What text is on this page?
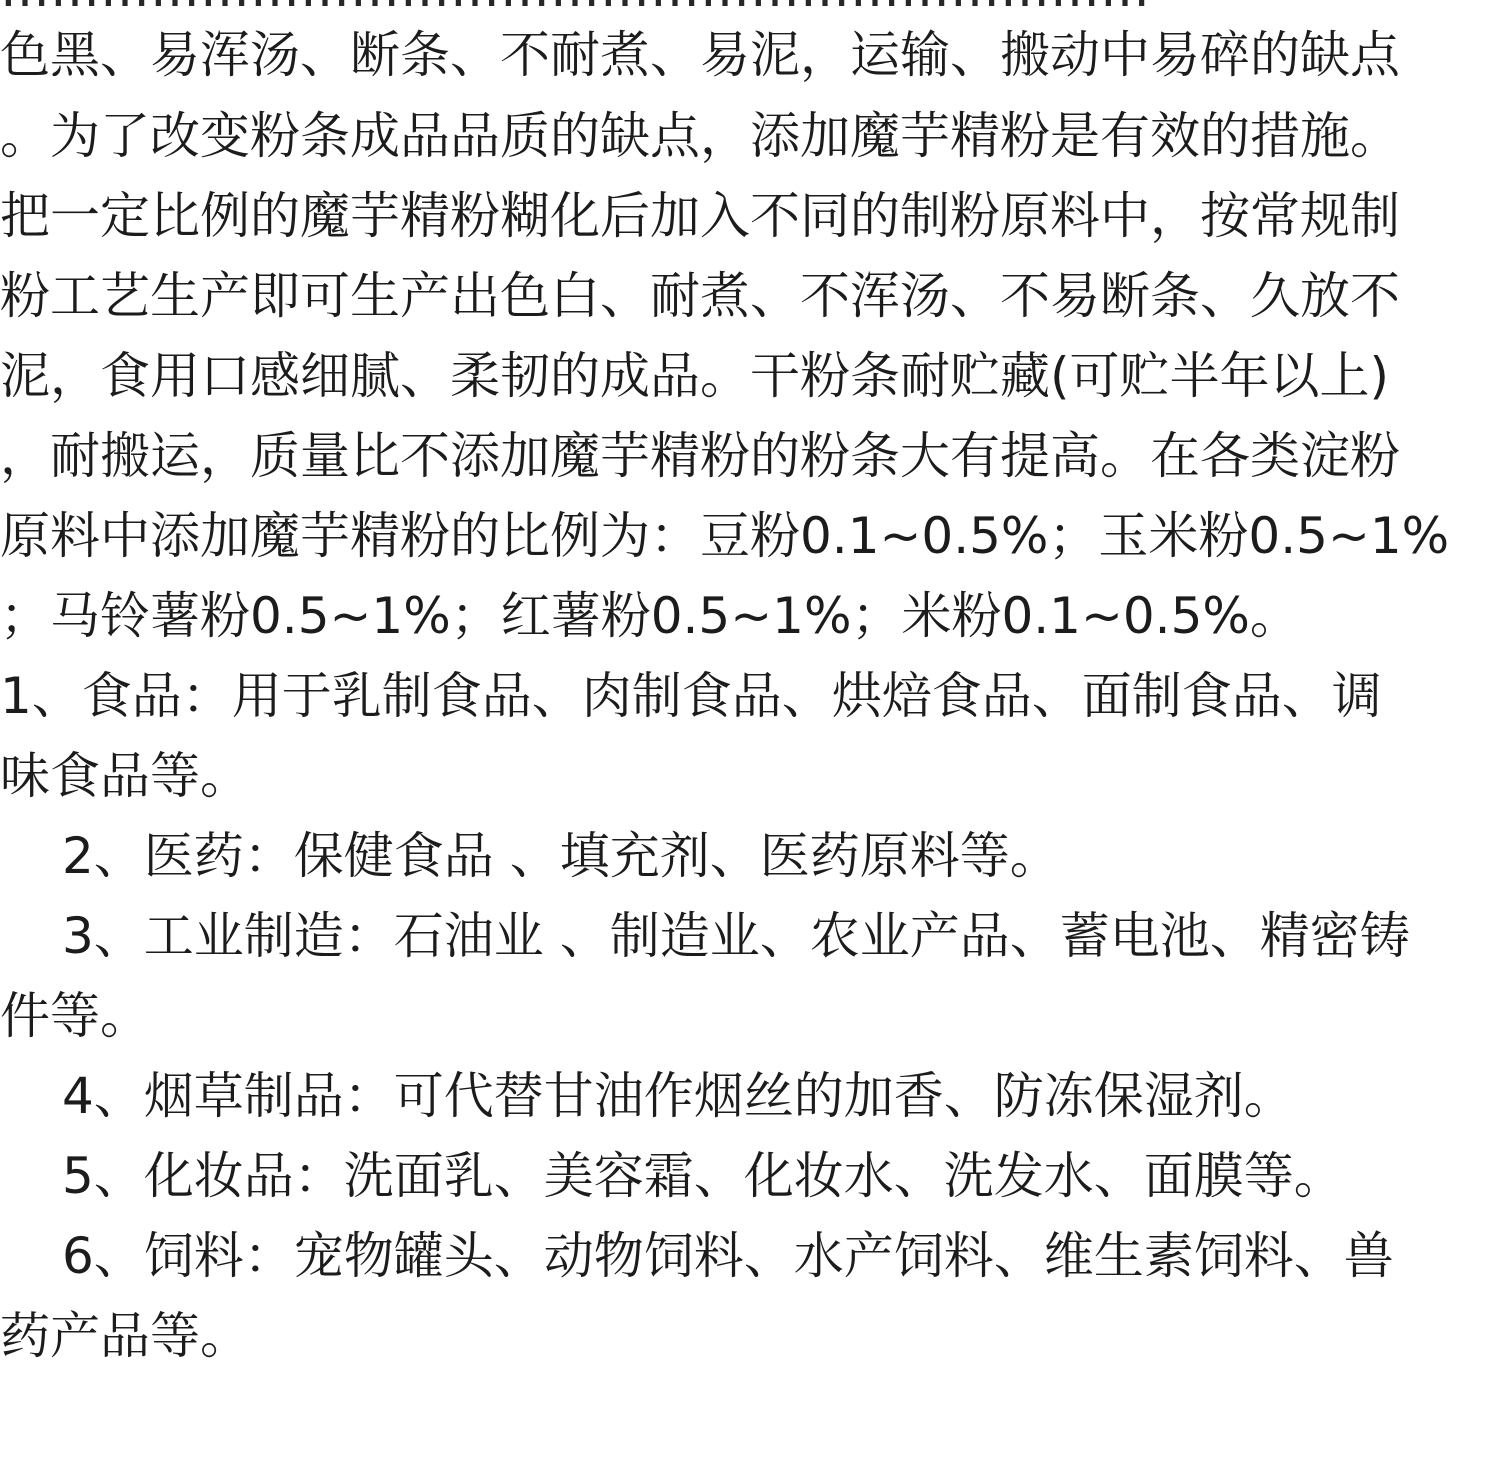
色黑、易浑汤、断条、不耐煮、易泥，运输、搬动中易碎的缺点
。为了改变粉条成品品质的缺点，添加魔芋精粉是有效的措施。
把一定比例的魔芋精粉糊化后加入不同的制粉原料中，按常规制
粉工艺生产即可生产出色白、耐煮、不浑汤、不易断条、久放不
泥，食用口感细腻、柔韧的成品。干粉条耐贮藏(可贮半年以上)
，耐搬运，质量比不添加魔芋精粉的粉条大有提高。在各类淀粉
原料中添加魔芋精粉的比例为：豆粉0.1~0.5%；玉米粉0.5~1%
；马铃薯粉0.5~1%；红薯粉0.5~1%；米粉0.1~0.5%。
1、食品：用于乳制食品、肉制食品、烘焙食品、面制食品、调
味食品等。
2、医药：保健食品 、填充剂、医药原料等。
3、工业制造：石油业 、制造业、农业产品、蓄电池、精密铸
件等。
4、烟草制品：可代替甘油作烟丝的加香、防冻保湿剂。
5、化妆品：洗面乳、美容霜、化妆水、洗发水、面膜等。
6、饲料：宠物罐头、动物饲料、水产饲料、维生素饲料、兽
药产品等。
